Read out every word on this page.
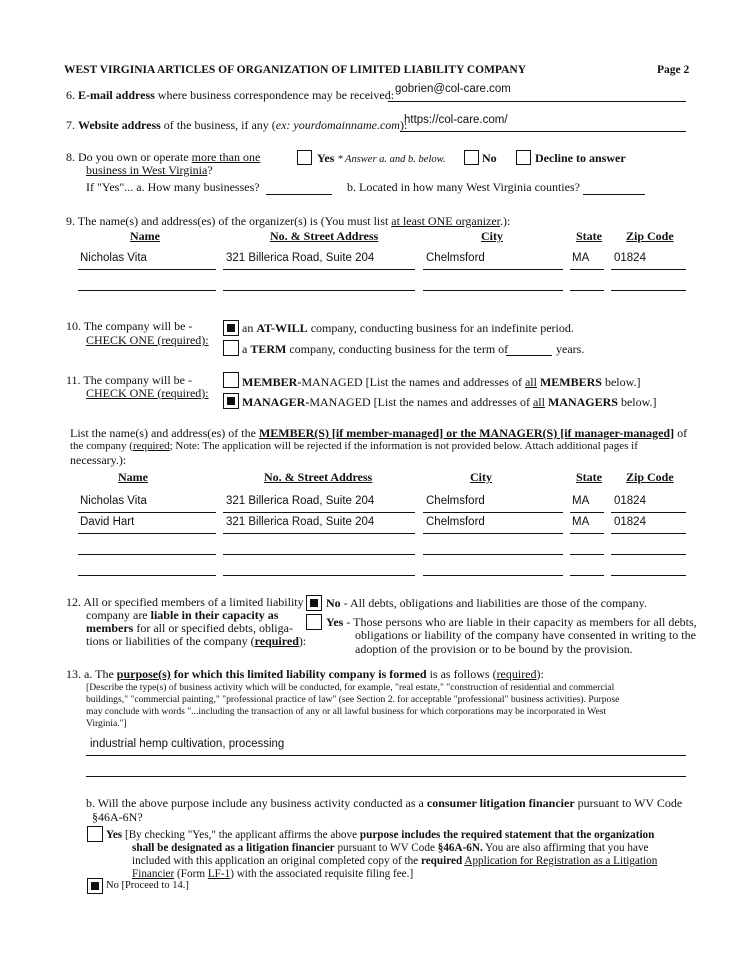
WEST VIRGINIA ARTICLES OF ORGANIZATION OF LIMITED LIABILITY COMPANY	Page 2
6. E-mail address where business correspondence may be received: gobrien@col-care.com
7. Website address of the business, if any (ex: yourdomainname.com):
https://col-care.com/
8. Do you own or operate more than one
business in West Virginia?
Yes * Answer a. and b. below.	No	Decline to answer
If "Yes"... a. How many businesses?	b. Located in how many West Virginia counties?
9. The name(s) and address(es) of the organizer(s) is (You must list at least ONE organizer.):
Name	No. & Street Address	City	State Zip Code
Nicholas Vita	321 Billerica Road, Suite 204	Chelmsford	MA 01824
10. The company will be -
CHECK ONE (required):
an AT-WILL company, conducting business for an indefinite period.
a TERM company, conducting business for the term of	years.
11. The company will be -
CHECK ONE (required):
MEMBER-MANAGED [List the names and addresses of all MEMBERS below.]
MANAGER-MANAGED [List the names and addresses of all MANAGERS below.]
List the name(s) and address(es) of the MEMBER(S) [if member-managed] or the MANAGER(S) [if manager-managed] of
the company (required; Note: The application will be rejected if the information is not provided below. Attach additional pages if
necessary.):
Name	No. & Street Address	City	State Zip Code
Nicholas Vita	321 Billerica Road, Suite 204	Chelmsford	MA 01824
David Hart	321 Billerica Road, Suite 204	Chelmsford	MA 01824
12. All or specified members of a limited liability
company are liable in their capacity as
members for all or specified debts, obliga-
tions or liabilities of the company (required):
No - All debts, obligations and liabilities are those of the company.
Yes - Those persons who are liable in their capacity as members for all debts,
obligations or liability of the company have consented in writing to the
adoption of the provision or to be bound by the provision.
13. a. The purpose(s) for which this limited liability company is formed is as follows (required):
[Describe the type(s) of business activity which will be conducted, for example, "real estate," "construction of residential and commercial
buildings," "commercial painting," "professional practice of law" (see Section 2. for acceptable "professional" business activities). Purpose
may conclude with words "...including the transaction of any or all lawful business for which corporations may be incorporated in West
Virginia."]
industrial hemp cultivation, processing
b. Will the above purpose include any business activity conducted as a consumer litigation financier pursuant to WV Code
§46A-6N?
Yes [By checking "Yes," the applicant affirms the above purpose includes the required statement that the organization
shall be designated as a litigation financier pursuant to WV Code §46A-6N. You are also affirming that you have
included with this application an original completed copy of the required Application for Registration as a Litigation
Financier (Form LF-1) with the associated requisite filing fee.]
No [Proceed to 14.]
